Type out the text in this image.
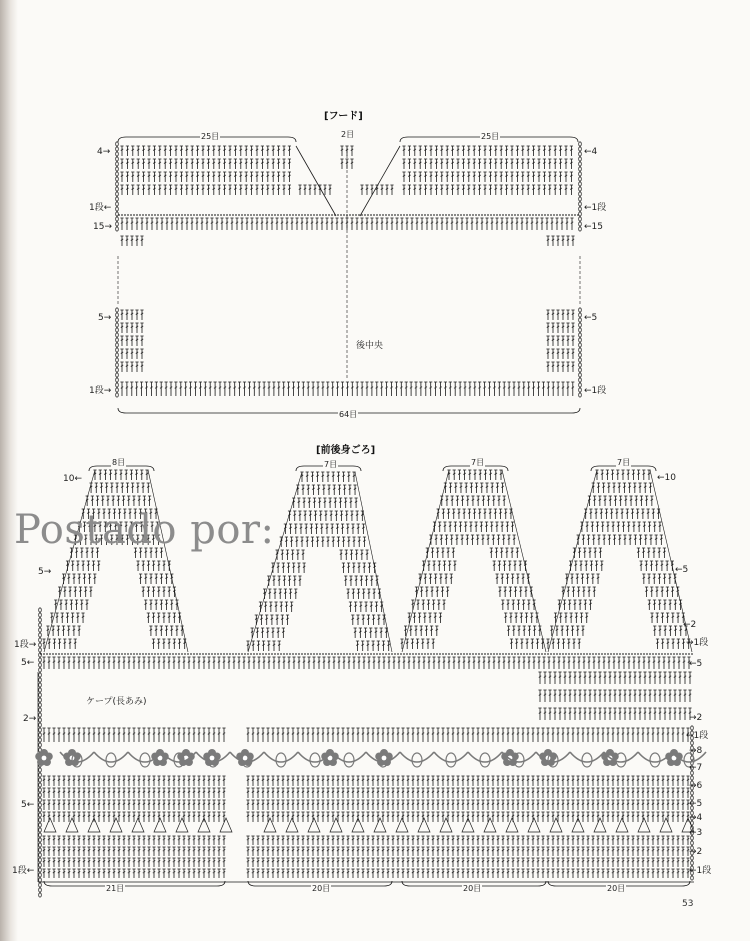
[フード]
25目	2目	25目
64目
後中央
4→
1段←
15→
5→
1段→
←4
←1段
←15
←5
←1段
[前後身ごろ]
8目	7目	7目	7目
ケープ(長あみ)
10←
5→
1段→
5←
2→
5←
1段←
←10
←5
←2
→1段
←5
→2
←1段
→8
←7
→6
←5
→4
←3
→2
←1段
21目	20目	20目	20目
Postado por:
53
